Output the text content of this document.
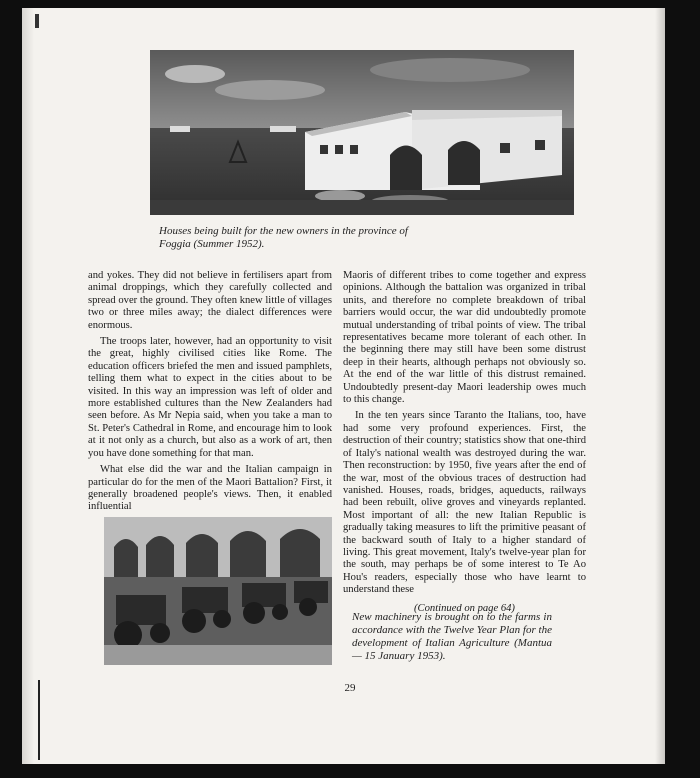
Houses being built for the new owners in the province of Foggia (Summer 1952).

and yokes. They did not believe in fertilisers apart from animal droppings, which they carefully collected and spread over the ground. They often knew little of villages two or three miles away; the dialect differences were enormous.

The troops later, however, had an opportunity to visit the great, highly civilised cities like Rome. The education officers briefed the men and issued pamphlets, telling them what to expect in the cities about to be visited. In this way an impression was left of older and more established cultures than the New Zealanders had seen before. As Mr Nepia said, when you take a man to St. Peter's Cathedral in Rome, and encourage him to look at it not only as a church, but also as a work of art, then you have done something for that man.

What else did the war and the Italian campaign in particular do for the men of the Maori Battalion? First, it generally broadened people's views. Then, it enabled influential

Maoris of different tribes to come together and express opinions. Although the battalion was organized in tribal units, and therefore no complete breakdown of tribal barriers would occur, the war did undoubtedly promote mutual understanding of tribal points of view. The tribal representatives became more tolerant of each other. In the beginning there may still have been some distrust deep in their hearts, although perhaps not obviously so. At the end of the war little of this distrust remained. Undoubtedly present-day Maori leadership owes much to this change.

In the ten years since Taranto the Italians, too, have had some very profound experiences. First, the destruction of their country; statistics show that one-third of Italy's national wealth was destroyed during the war. Then reconstruction: by 1950, five years after the end of the war, most of the obvious traces of destruction had vanished. Houses, roads, bridges, aqueducts, railways had been rebuilt, olive groves and vineyards replanted. Most important of all: the new Italian Republic is gradually taking measures to lift the primitive peasant of the backward south of Italy to a higher standard of living. This great movement, Italy's twelve-year plan for the south, may perhaps be of some interest to Te Ao Hou's readers, especially those who have learnt to understand these

(Continued on page 64)
New machinery is brought on to the farms in accordance with the Twelve Year Plan for the development of Italian Agriculture (Mantua — 15 January 1953).
29
